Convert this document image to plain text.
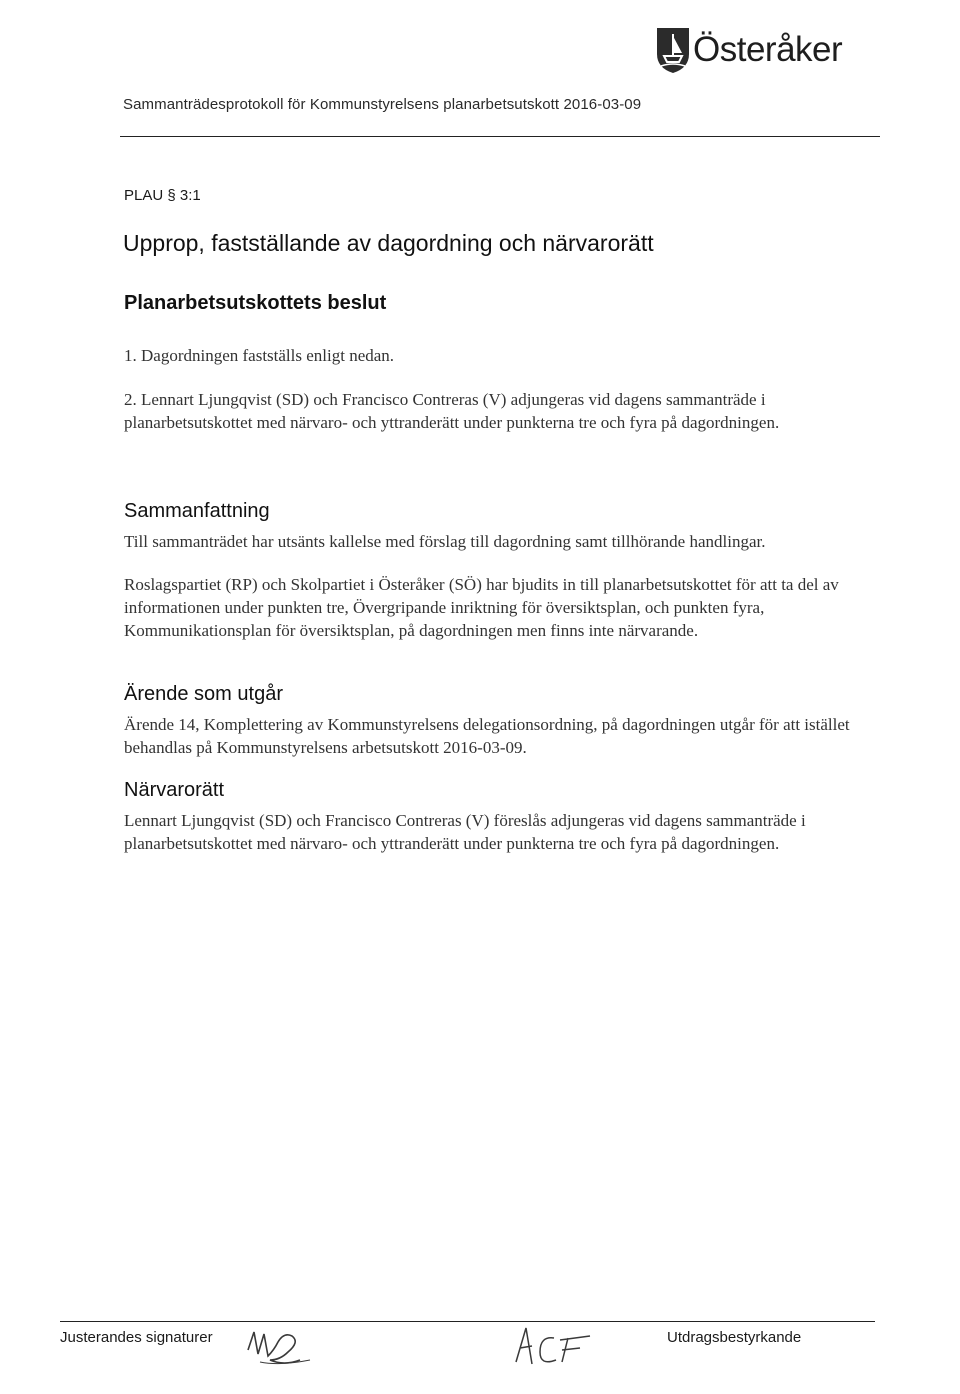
Österåker
Sammanträdesprotokoll för Kommunstyrelsens planarbetsutskott 2016-03-09
PLAU § 3:1
Upprop, fastställande av dagordning och närvarorätt
Planarbetsutskottets beslut

1. Dagordningen fastställs enligt nedan.

2. Lennart Ljungqvist (SD) och Francisco Contreras (V) adjungeras vid dagens sammanträde i planarbetsutskottet med närvaro- och yttranderätt under punkterna tre och fyra på dagordningen.

Sammanfattning

Till sammanträdet har utsänts kallelse med förslag till dagordning samt tillhörande handlingar.

Roslagspartiet (RP) och Skolpartiet i Österåker (SÖ) har bjudits in till planarbetsutskottet för att ta del av informationen under punkten tre, Övergripande inriktning för översiktsplan, och punkten fyra, Kommunikationsplan för översiktsplan, på dagordningen men finns inte närvarande.

Ärende som utgår

Ärende 14, Komplettering av Kommunstyrelsens delegationsordning, på dagordningen utgår för att istället behandlas på Kommunstyrelsens arbetsutskott 2016-03-09.

Närvarorätt

Lennart Ljungqvist (SD) och Francisco Contreras (V) föreslås adjungeras vid dagens sammanträde i planarbetsutskottet med närvaro- och yttranderätt under punkterna tre och fyra på dagordningen.

Justerandes signaturer	Utdragsbestyrkande
